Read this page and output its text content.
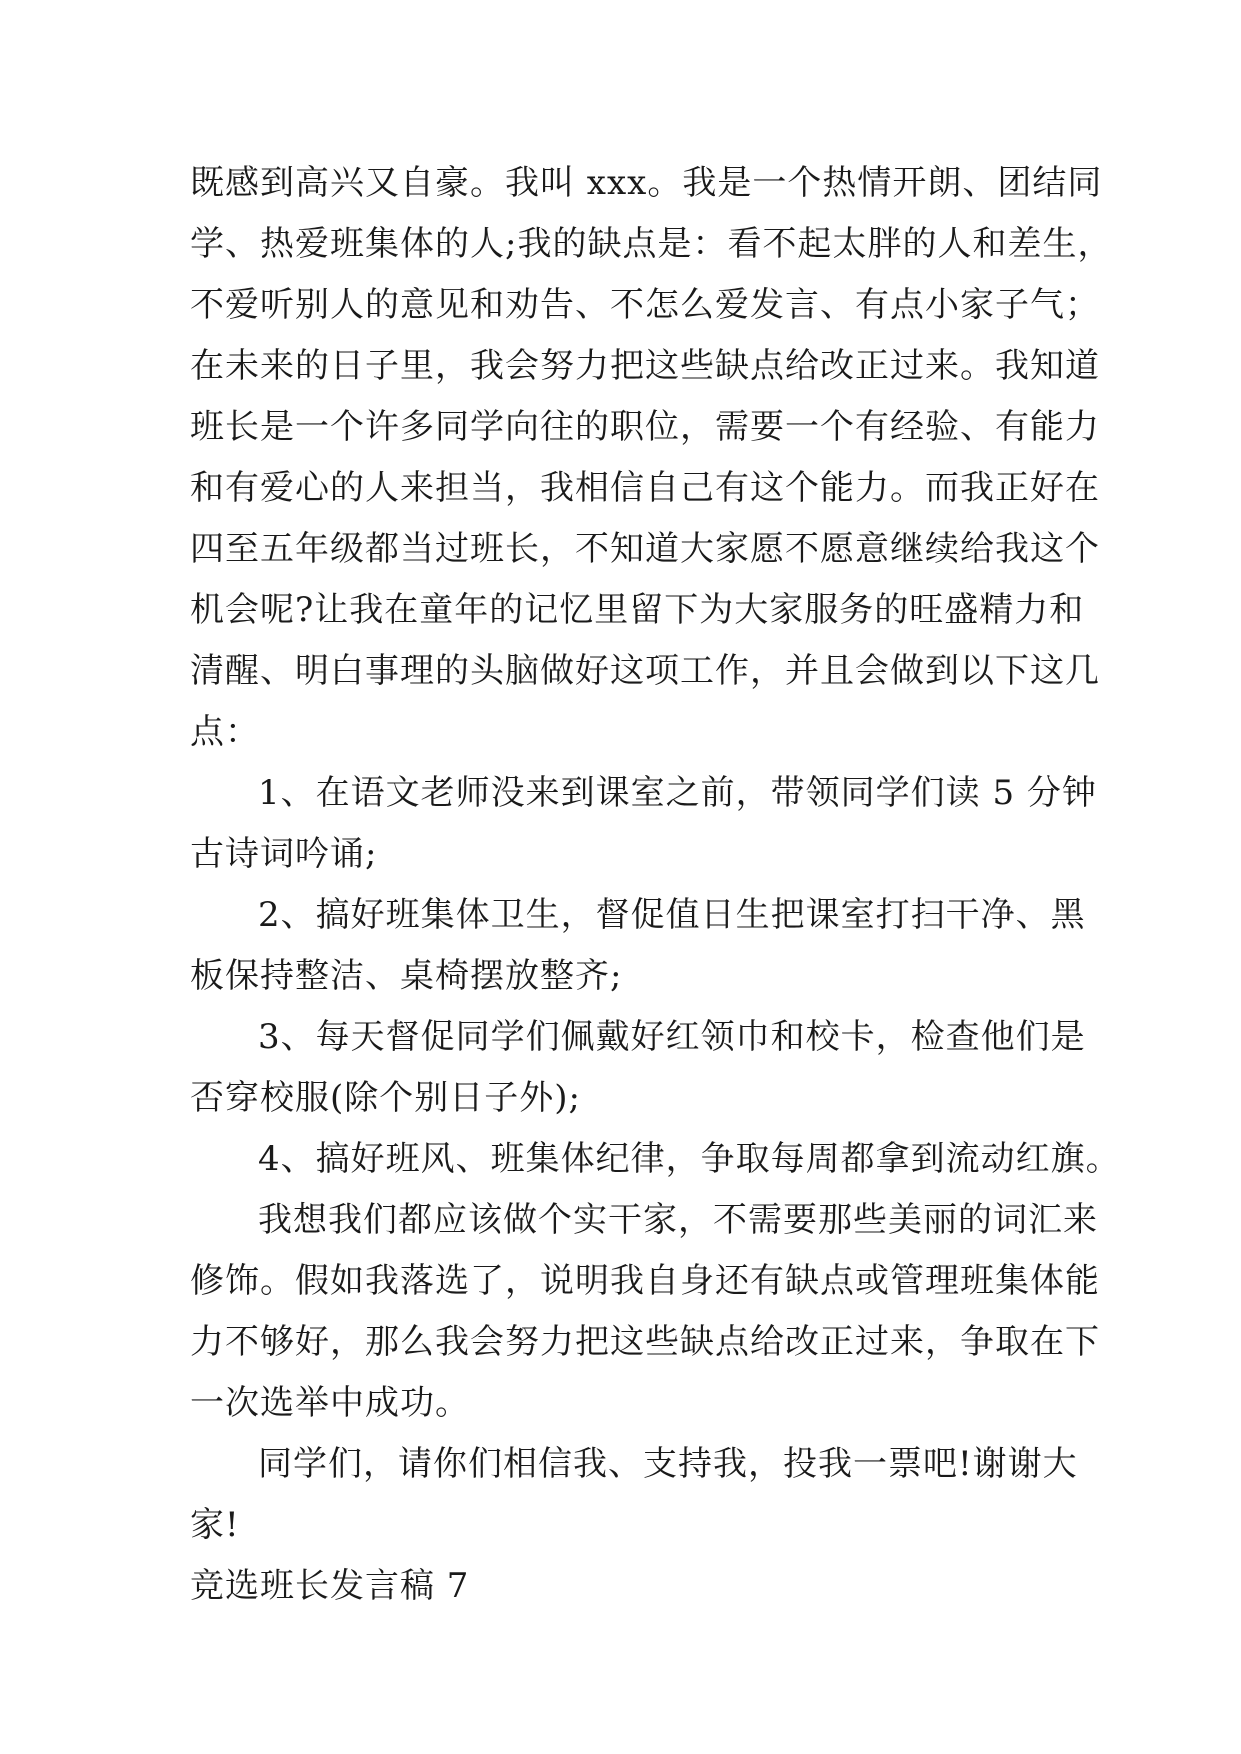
既感到高兴又自豪。我叫 xxx。我是一个热情开朗、团结同
学、热爱班集体的人;我的缺点是：看不起太胖的人和差生，
不爱听别人的意见和劝告、不怎么爱发言、有点小家子气；
在未来的日子里，我会努力把这些缺点给改正过来。我知道
班长是一个许多同学向往的职位，需要一个有经验、有能力
和有爱心的人来担当，我相信自己有这个能力。而我正好在
四至五年级都当过班长，不知道大家愿不愿意继续给我这个
机会呢?让我在童年的记忆里留下为大家服务的旺盛精力和
清醒、明白事理的头脑做好这项工作，并且会做到以下这几
点：
1、在语文老师没来到课室之前，带领同学们读 5 分钟
古诗词吟诵;
2、搞好班集体卫生，督促值日生把课室打扫干净、黑
板保持整洁、桌椅摆放整齐;
3、每天督促同学们佩戴好红领巾和校卡，检查他们是
否穿校服(除个别日子外);
4、搞好班风、班集体纪律，争取每周都拿到流动红旗。
我想我们都应该做个实干家，不需要那些美丽的词汇来
修饰。假如我落选了，说明我自身还有缺点或管理班集体能
力不够好，那么我会努力把这些缺点给改正过来，争取在下
一次选举中成功。
同学们，请你们相信我、支持我，投我一票吧!谢谢大
家!
竞选班长发言稿 7
